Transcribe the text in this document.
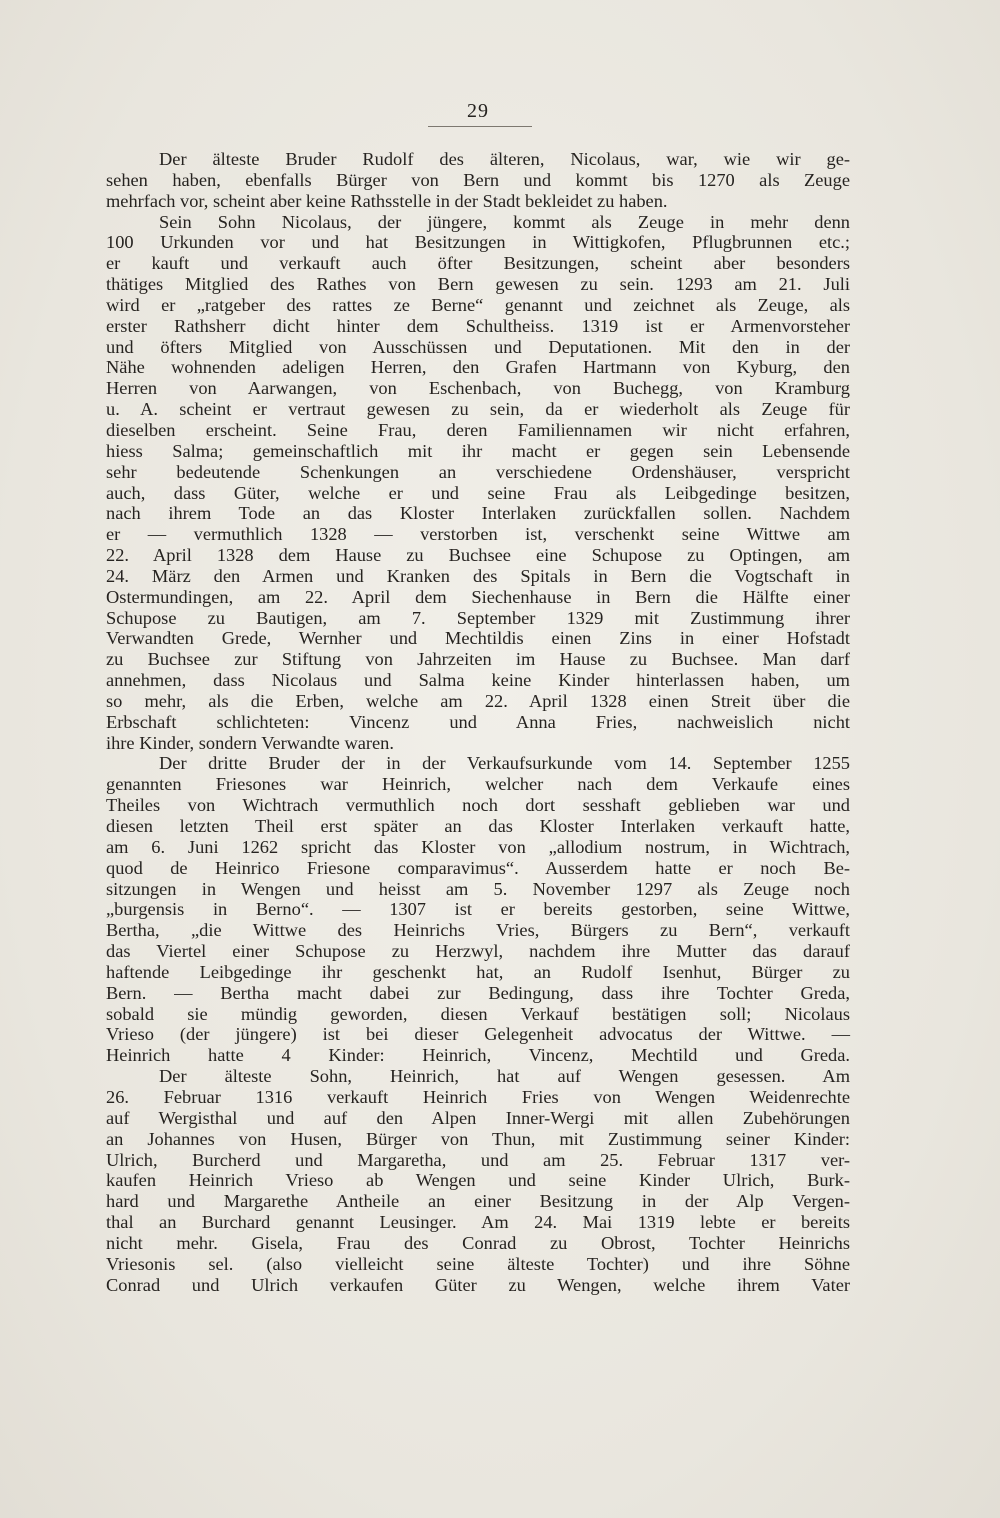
29
Der älteste Bruder Rudolf des älteren, Nicolaus, war, wie wir ge-
sehen haben, ebenfalls Bürger von Bern und kommt bis 1270 als Zeuge
mehrfach vor, scheint aber keine Rathsstelle in der Stadt bekleidet zu haben.
Sein Sohn Nicolaus, der jüngere, kommt als Zeuge in mehr denn
100 Urkunden vor und hat Besitzungen in Wittigkofen, Pflugbrunnen etc.;
er kauft und verkauft auch öfter Besitzungen, scheint aber besonders
thätiges Mitglied des Rathes von Bern gewesen zu sein. 1293 am 21. Juli
wird er „ratgeber des rattes ze Berne“ genannt und zeichnet als Zeuge, als
erster Rathsherr dicht hinter dem Schultheiss. 1319 ist er Armenvorsteher
und öfters Mitglied von Ausschüssen und Deputationen. Mit den in der
Nähe wohnenden adeligen Herren, den Grafen Hartmann von Kyburg, den
Herren von Aarwangen, von Eschenbach, von Buchegg, von Kramburg
u. A. scheint er vertraut gewesen zu sein, da er wiederholt als Zeuge für
dieselben erscheint. Seine Frau, deren Familiennamen wir nicht erfahren,
hiess Salma; gemeinschaftlich mit ihr macht er gegen sein Lebensende
sehr bedeutende Schenkungen an verschiedene Ordenshäuser, verspricht
auch, dass Güter, welche er und seine Frau als Leibgedinge besitzen,
nach ihrem Tode an das Kloster Interlaken zurückfallen sollen. Nachdem
er — vermuthlich 1328 — verstorben ist, verschenkt seine Wittwe am
22. April 1328 dem Hause zu Buchsee eine Schupose zu Optingen, am
24. März den Armen und Kranken des Spitals in Bern die Vogtschaft in
Ostermundingen, am 22. April dem Siechenhause in Bern die Hälfte einer
Schupose zu Bautigen, am 7. September 1329 mit Zustimmung ihrer
Verwandten Grede, Wernher und Mechtildis einen Zins in einer Hofstadt
zu Buchsee zur Stiftung von Jahrzeiten im Hause zu Buchsee. Man darf
annehmen, dass Nicolaus und Salma keine Kinder hinterlassen haben, um
so mehr, als die Erben, welche am 22. April 1328 einen Streit über die
Erbschaft schlichteten: Vincenz und Anna Fries, nachweislich nicht
ihre Kinder, sondern Verwandte waren.
Der dritte Bruder der in der Verkaufsurkunde vom 14. September 1255
genannten Friesones war Heinrich, welcher nach dem Verkaufe eines
Theiles von Wichtrach vermuthlich noch dort sesshaft geblieben war und
diesen letzten Theil erst später an das Kloster Interlaken verkauft hatte,
am 6. Juni 1262 spricht das Kloster von „allodium nostrum, in Wichtrach,
quod de Heinrico Friesone comparavimus“. Ausserdem hatte er noch Be-
sitzungen in Wengen und heisst am 5. November 1297 als Zeuge noch
„burgensis in Berno“. — 1307 ist er bereits gestorben, seine Wittwe,
Bertha, „die Wittwe des Heinrichs Vries, Bürgers zu Bern“, verkauft
das Viertel einer Schupose zu Herzwyl, nachdem ihre Mutter das darauf
haftende Leibgedinge ihr geschenkt hat, an Rudolf Isenhut, Bürger zu
Bern. — Bertha macht dabei zur Bedingung, dass ihre Tochter Greda,
sobald sie mündig geworden, diesen Verkauf bestätigen soll; Nicolaus
Vrieso (der jüngere) ist bei dieser Gelegenheit advocatus der Wittwe. —
Heinrich hatte 4 Kinder: Heinrich, Vincenz, Mechtild und Greda.
Der älteste Sohn, Heinrich, hat auf Wengen gesessen. Am
26. Februar 1316 verkauft Heinrich Fries von Wengen Weidenrechte
auf Wergisthal und auf den Alpen Inner-Wergi mit allen Zubehörungen
an Johannes von Husen, Bürger von Thun, mit Zustimmung seiner Kinder:
Ulrich, Burcherd und Margaretha, und am 25. Februar 1317 ver-
kaufen Heinrich Vrieso ab Wengen und seine Kinder Ulrich, Burk-
hard und Margarethe Antheile an einer Besitzung in der Alp Vergen-
thal an Burchard genannt Leusinger. Am 24. Mai 1319 lebte er bereits
nicht mehr. Gisela, Frau des Conrad zu Obrost, Tochter Heinrichs
Vriesonis sel. (also vielleicht seine älteste Tochter) und ihre Söhne
Conrad und Ulrich verkaufen Güter zu Wengen, welche ihrem Vater
